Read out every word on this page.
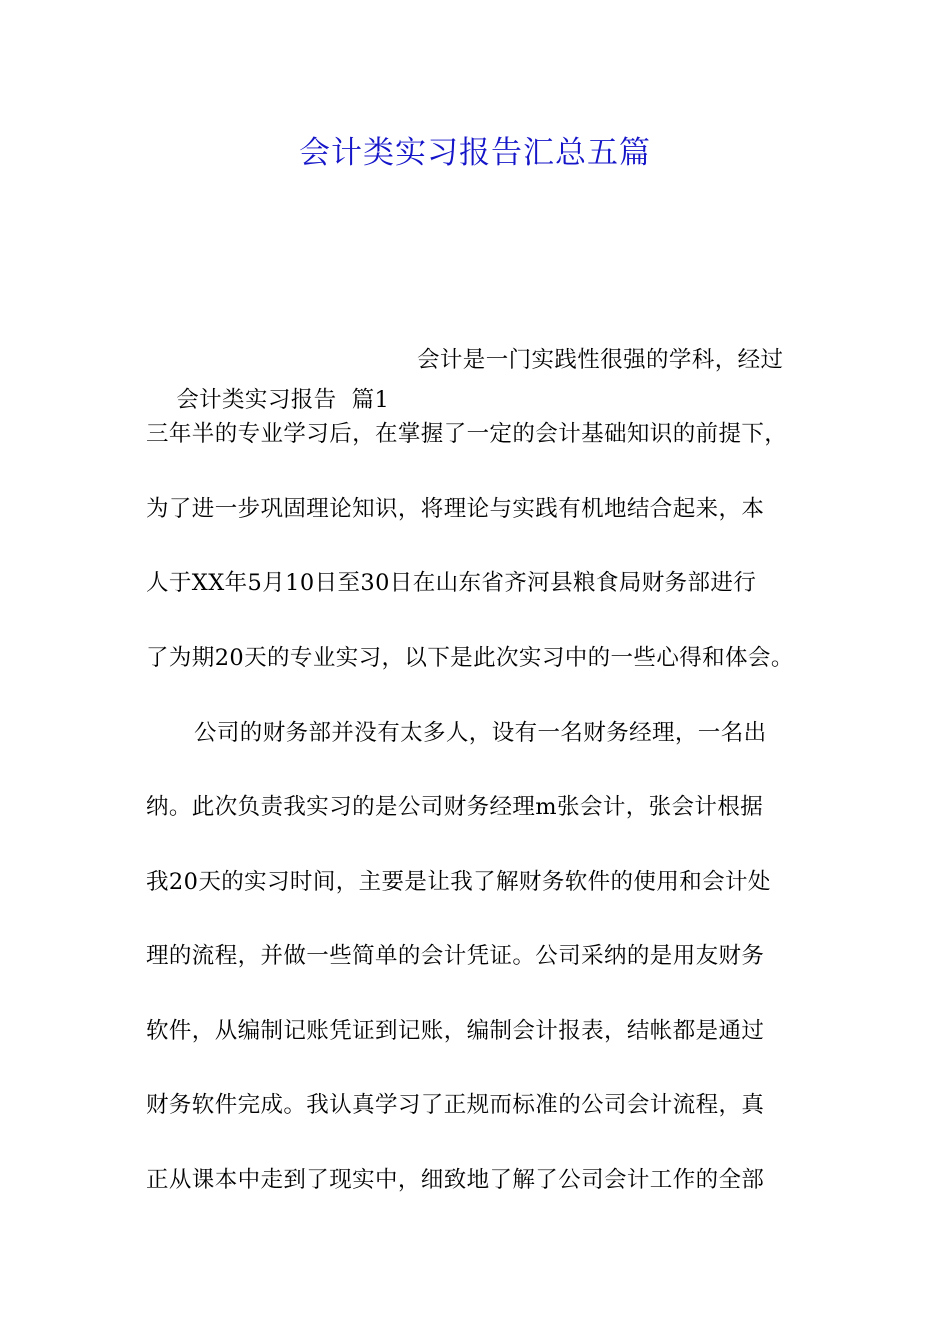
会计类实习报告汇总五篇

会计类实习报告  篇1

会计是一门实践性很强的学科，经过

三年半的专业学习后，在掌握了一定的会计基础知识的前提下，
为了进一步巩固理论知识，将理论与实践有机地结合起来，本
人于XX年5月10日至30日在山东省齐河县粮食局财务部进行
了为期20天的专业实习，以下是此次实习中的一些心得和体会。
公司的财务部并没有太多人，设有一名财务经理，一名出
纳。此次负责我实习的是公司财务经理m张会计，张会计根据
我20天的实习时间，主要是让我了解财务软件的使用和会计处
理的流程，并做一些简单的会计凭证。公司采纳的是用友财务
软件，从编制记账凭证到记账，编制会计报表，结帐都是通过
财务软件完成。我认真学习了正规而标准的公司会计流程，真
正从课本中走到了现实中，细致地了解了公司会计工作的全部
